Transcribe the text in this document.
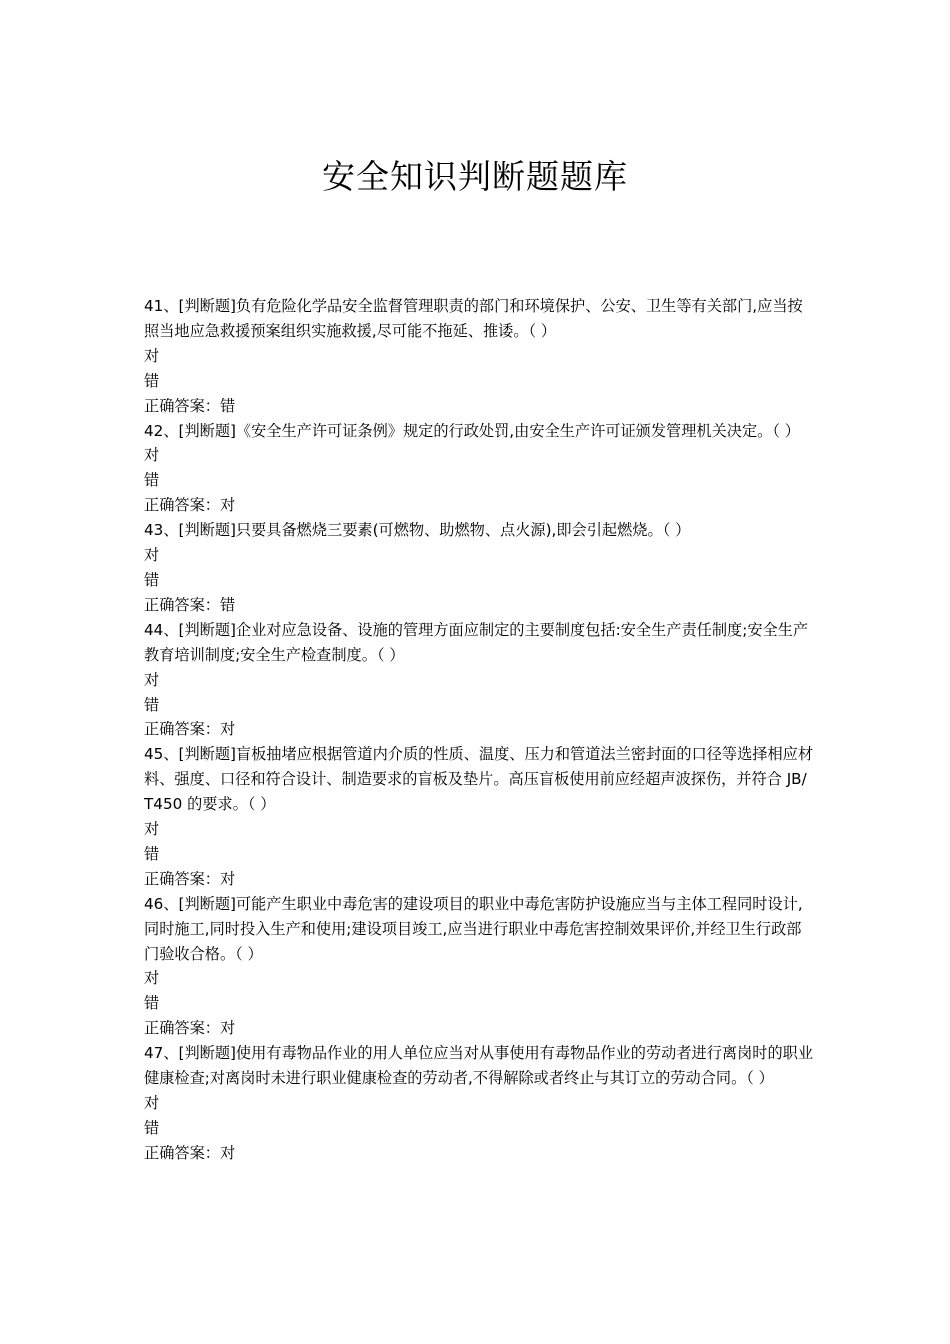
安全知识判断题题库

41、[判断题]负有危险化学品安全监督管理职责的部门和环境保护、公安、卫生等有关部门,应当按照当地应急救援预案组织实施救援,尽可能不拖延、推诿。（ ）

对

错

正确答案：错

42、[判断题]《安全生产许可证条例》规定的行政处罚,由安全生产许可证颁发管理机关决定。（ ）

对

错

正确答案：对

43、[判断题]只要具备燃烧三要素(可燃物、助燃物、点火源),即会引起燃烧。（ ）

对

错

正确答案：错

44、[判断题]企业对应急设备、设施的管理方面应制定的主要制度包括:安全生产责任制度;安全生产教育培训制度;安全生产检查制度。（ ）

对

错

正确答案：对

45、[判断题]盲板抽堵应根据管道内介质的性质、温度、压力和管道法兰密封面的口径等选择相应材料、强度、口径和符合设计、制造要求的盲板及垫片。高压盲板使用前应经超声波探伤，并符合 JB/T450 的要求。（ ）

对

错

正确答案：对

46、[判断题]可能产生职业中毒危害的建设项目的职业中毒危害防护设施应当与主体工程同时设计,同时施工,同时投入生产和使用;建设项目竣工,应当进行职业中毒危害控制效果评价,并经卫生行政部门验收合格。（ ）

对

错

正确答案：对

47、[判断题]使用有毒物品作业的用人单位应当对从事使用有毒物品作业的劳动者进行离岗时的职业健康检查;对离岗时未进行职业健康检查的劳动者,不得解除或者终止与其订立的劳动合同。（ ）

对

错

正确答案：对
